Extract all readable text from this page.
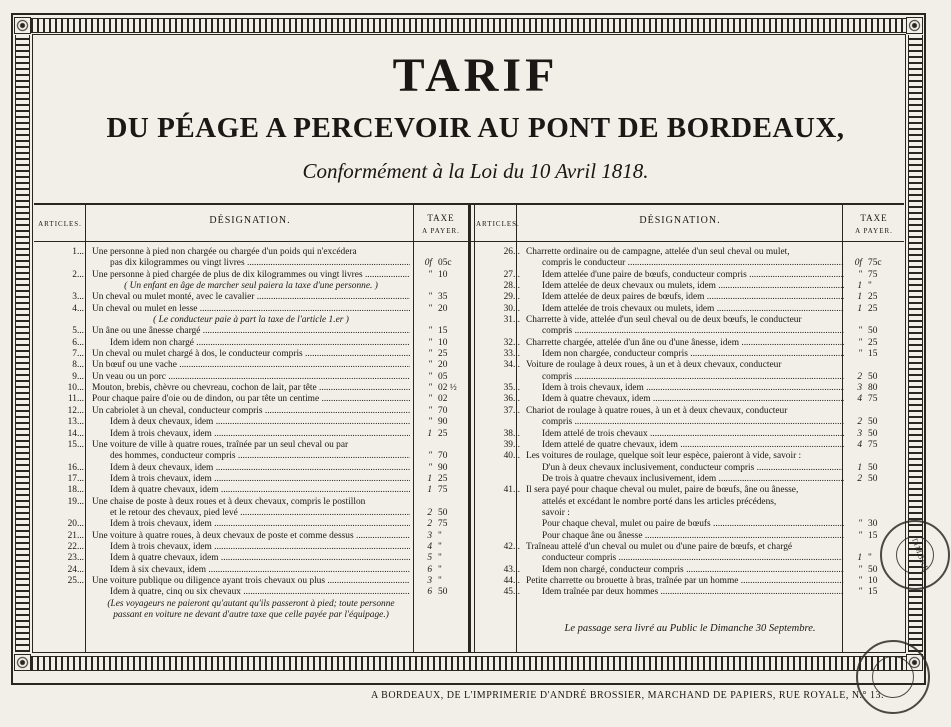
TARIF
DU PÉAGE A PERCEVOIR AU PONT DE BORDEAUX,
Conformément à la Loi du 10 Avril 1818.
ARTICLES.	DÉSIGNATION.	TAXE
A PAYER.
ARTICLES.	DÉSIGNATION.	TAXE
A PAYER.
1... Une personne à pied non chargée ou chargée d'un poids qui n'excédera
pas dix kilogrammes ou vingt livres .....	0f 05c
2... Une personne à pied chargée de plus de dix kilogrammes ou vingt livres .....	" 10
( Un enfant en âge de marcher seul paiera la taxe d'une personne. )
3... Un cheval ou mulet monté, avec le cavalier .....	" 35
4... Un cheval ou mulet en lesse .....	" 20
( Le conducteur paie à part la taxe de l'article 1.er )
5... Un âne ou une ânesse chargé .....	" 15
6...	Idem idem non chargé .....	" 10
7... Un cheval ou mulet chargé à dos, le conducteur compris .....	" 25
8... Un bœuf ou une vache .....	" 20
9... Un veau ou un porc .....	" 05
10... Mouton, brebis, chèvre ou chevreau, cochon de lait, par tête .....	" 02 ½
11... Pour chaque paire d'oie ou de dindon, ou par tête un centime .....	" 02
12... Un cabriolet à un cheval, conducteur compris .....	" 70
13...	Idem à deux chevaux, idem .....	" 90
14...	Idem à trois chevaux, idem .....	1 25
15... Une voiture de ville à quatre roues, traînée par un seul cheval ou par
des hommes, conducteur compris .....	" 70
16...	Idem à deux chevaux, idem .....	" 90
17...	Idem à trois chevaux, idem .....	1 25
18...	Idem à quatre chevaux, idem .....	1 75
19... Une chaise de poste à deux roues et à deux chevaux, compris le postillon
et le retour des chevaux, pied levé .....	2 50
20...	Idem à trois chevaux, idem .....	2 75
21... Une voiture à quatre roues, à deux chevaux de poste et comme dessus .....	3 "
22...	Idem à trois chevaux, idem .....	4 "
23...	Idem à quatre chevaux, idem .....	5 "
24...	Idem à six chevaux, idem .....	6 "
25... Une voiture publique ou diligence ayant trois chevaux ou plus .....	3 "
Idem à quatre, cinq ou six chevaux .....	6 50
(Les voyageurs ne paieront qu'autant qu'ils passeront à pied; toute personne
passant en voiture ne devant d'autre taxe que celle payée par l'équipage.)
26... Charrette ordinaire ou de campagne, attelée d'un seul cheval ou mulet,
compris le conducteur .....	0f 75c
27... Idem attelée d'une paire de bœufs, conducteur compris .....	" 75
28... Idem attelée de deux chevaux ou mulets, idem .....	1 "
29... Idem attelée de deux paires de bœufs, idem .....	1 25
30... Idem attelée de trois chevaux ou mulets, idem .....	1 25
31... Charrette à vide, attelée d'un seul cheval ou de deux bœufs, le conducteur
compris .....	" 50
32... Charrette chargée, attelée d'un âne ou d'une ânesse, idem .....	" 25
33... Idem non chargée, conducteur compris .....	" 15
34... Voiture de roulage à deux roues, à un et à deux chevaux, conducteur
compris .....	2 50
35... Idem à trois chevaux, idem .....	3 80
36... Idem à quatre chevaux, idem .....	4 75
37... Chariot de roulage à quatre roues, à un et à deux chevaux, conducteur
compris .....	2 50
38... Idem attelé de trois chevaux .....	3 50
39... Idem attelé de quatre chevaux, idem .....	4 75
40... Les voitures de roulage, quelque soit leur espèce, paieront à vide, savoir :
D'un à deux chevaux inclusivement, conducteur compris .....	1 50
De trois à quatre chevaux inclusivement, idem .....	2 50
41... Il sera payé pour chaque cheval ou mulet, paire de bœufs, âne ou ânesse,
attelés et excédant le nombre porté dans les articles précédens,
savoir :
Pour chaque cheval, mulet ou paire de bœufs .....	" 30
Pour chaque âne ou ânesse .....	" 15
42... Traîneau attelé d'un cheval ou mulet ou d'une paire de bœufs, et chargé
conducteur compris .....	1 "
43... Idem non chargé, conducteur compris .....	" 50
44... Petite charrette ou brouette à bras, traînée par un homme .....	" 10
45... Idem traînée par deux hommes .....	" 15
Le passage sera livré au Public le Dimanche 30 Septembre.
A BORDEAUX, DE L'IMPRIMERIE D'ANDRÉ BROSSIER, MARCHAND DE PAPIERS, RUE ROYALE, N.° 13.
TIMBRE
